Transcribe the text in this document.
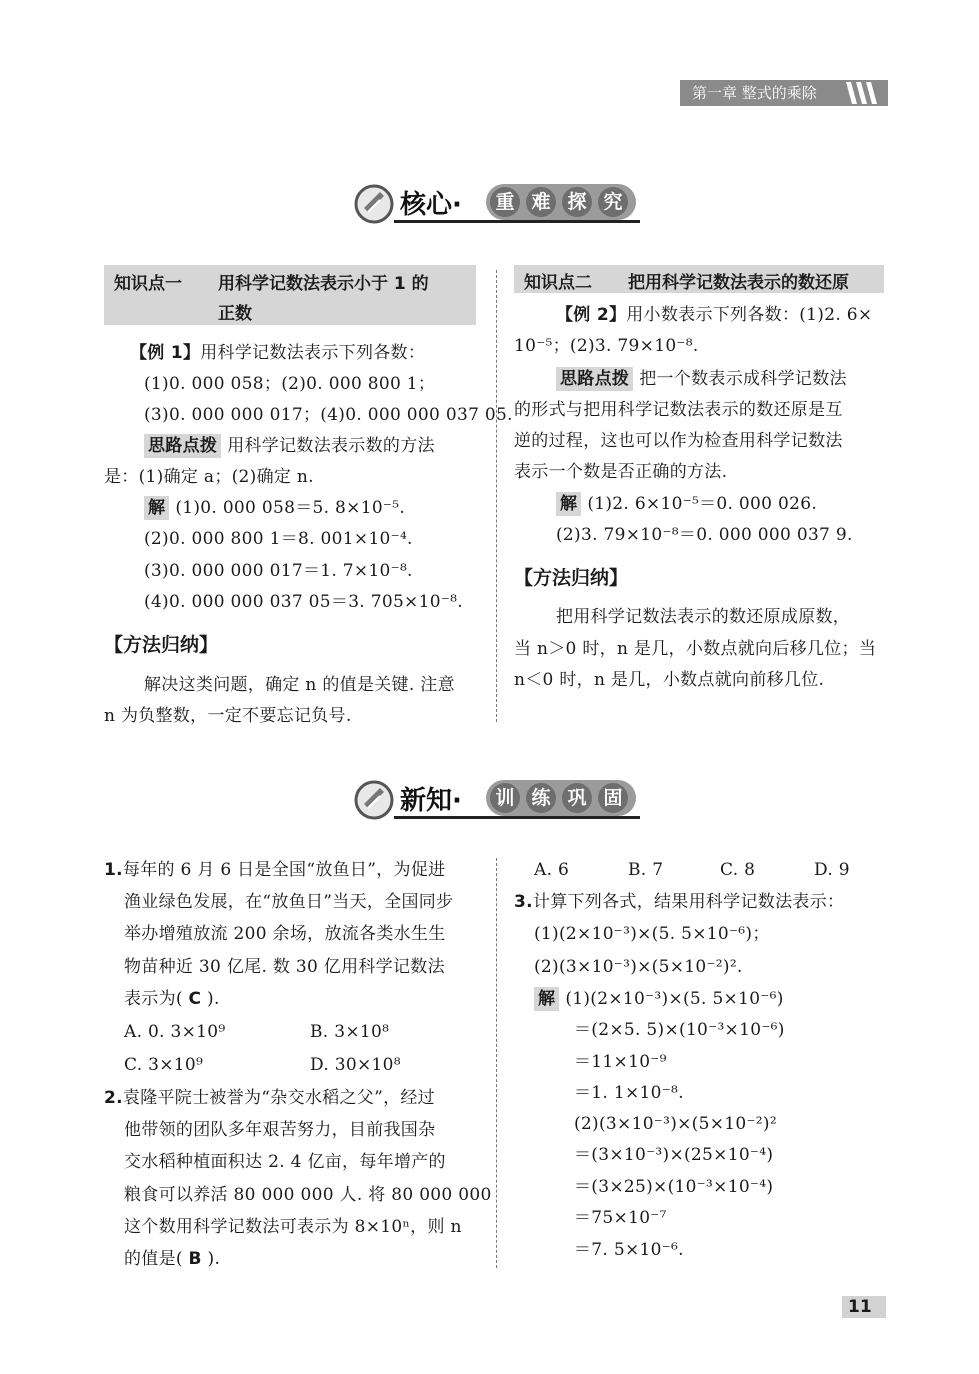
第一章 整式的乘除
核心· 重 难 探 究
知识点一 用科学记数法表示小于 1 的
正数
知识点二 把用科学记数法表示的数还原
【例 1】用科学记数法表示下列各数：
(1)0. 000 058；(2)0. 000 800 1；
(3)0. 000 000 017；(4)0. 000 000 037 05.
思路点拨 用科学记数法表示数的方法
是：(1)确定 a；(2)确定 n.
解 (1)0. 000 058＝5. 8×10⁻⁵.
(2)0. 000 800 1＝8. 001×10⁻⁴.
(3)0. 000 000 017＝1. 7×10⁻⁸.
(4)0. 000 000 037 05＝3. 705×10⁻⁸.
【方法归纳】
解决这类问题，确定 n 的值是关键. 注意
n 为负整数，一定不要忘记负号.
【例 2】用小数表示下列各数：(1)2. 6×
10⁻⁵；(2)3. 79×10⁻⁸.
思路点拨 把一个数表示成科学记数法
的形式与把用科学记数法表示的数还原是互
逆的过程，这也可以作为检查用科学记数法
表示一个数是否正确的方法.
解 (1)2. 6×10⁻⁵＝0. 000 026.
(2)3. 79×10⁻⁸＝0. 000 000 037 9.
【方法归纳】
把用科学记数法表示的数还原成原数，
当 n＞0 时，n 是几，小数点就向后移几位；当
n＜0 时，n 是几，小数点就向前移几位.
新知· 训 练 巩 固
1.每年的 6 月 6 日是全国“放鱼日”，为促进
渔业绿色发展，在“放鱼日”当天，全国同步
举办增殖放流 200 余场，放流各类水生生
物苗种近 30 亿尾. 数 30 亿用科学记数法
表示为( C ).
A. 0. 3×10⁹	B. 3×10⁸
C. 3×10⁹	D. 30×10⁸
2.袁隆平院士被誉为“杂交水稻之父”，经过
他带领的团队多年艰苦努力，目前我国杂
交水稻种植面积达 2. 4 亿亩，每年增产的
粮食可以养活 80 000 000 人. 将 80 000 000
这个数用科学记数法可表示为 8×10ⁿ，则 n
的值是( B ).
A. 6	B. 7	C. 8	D. 9
3.计算下列各式，结果用科学记数法表示：
(1)(2×10⁻³)×(5. 5×10⁻⁶)；
(2)(3×10⁻³)×(5×10⁻²)².
解 (1)(2×10⁻³)×(5. 5×10⁻⁶)
＝(2×5. 5)×(10⁻³×10⁻⁶)
＝11×10⁻⁹
＝1. 1×10⁻⁸.
(2)(3×10⁻³)×(5×10⁻²)²
＝(3×10⁻³)×(25×10⁻⁴)
＝(3×25)×(10⁻³×10⁻⁴)
＝75×10⁻⁷
＝7. 5×10⁻⁶.
11
